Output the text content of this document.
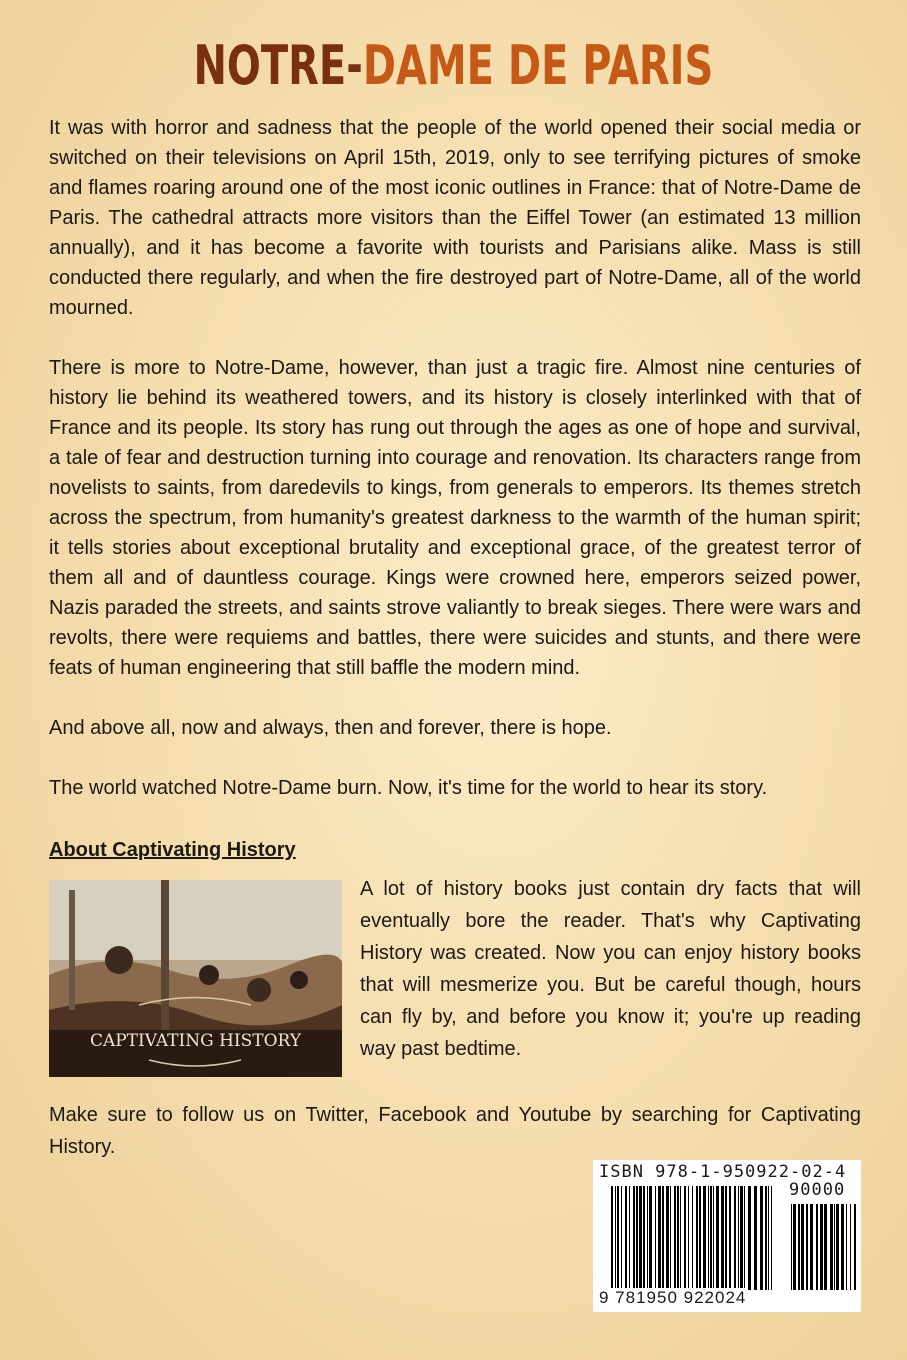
NOTRE-DAME DE PARIS

It was with horror and sadness that the people of the world opened their social media or switched on their televisions on April 15th, 2019, only to see terrifying pictures of smoke and flames roaring around one of the most iconic outlines in France: that of Notre-Dame de Paris. The cathedral attracts more visitors than the Eiffel Tower (an estimated 13 million annually), and it has become a favorite with tourists and Parisians alike. Mass is still conducted there regularly, and when the fire destroyed part of Notre-Dame, all of the world mourned.

There is more to Notre-Dame, however, than just a tragic fire. Almost nine centuries of history lie behind its weathered towers, and its history is closely interlinked with that of France and its people. Its story has rung out through the ages as one of hope and survival, a tale of fear and destruction turning into courage and renovation. Its characters range from novelists to saints, from daredevils to kings, from generals to emperors. Its themes stretch across the spectrum, from humanity's greatest darkness to the warmth of the human spirit; it tells stories about exceptional brutality and exceptional grace, of the greatest terror of them all and of dauntless courage. Kings were crowned here, emperors seized power, Nazis paraded the streets, and saints strove valiantly to break sieges. There were wars and revolts, there were requiems and battles, there were suicides and stunts, and there were feats of human engineering that still baffle the modern mind.

And above all, now and always, then and forever, there is hope.

The world watched Notre-Dame burn. Now, it's time for the world to hear its story.

About Captivating History
CAPTIVATING HISTORY

A lot of history books just contain dry facts that will eventually bore the reader. That's why Captivating History was created. Now you can enjoy history books that will mesmerize you. But be careful though, hours can fly by, and before you know it; you're up reading way past bedtime.

Make sure to follow us on Twitter, Facebook and Youtube by searching for Captivating History.

ISBN 978-1-950922-02-4
90000
9 781950 922024
